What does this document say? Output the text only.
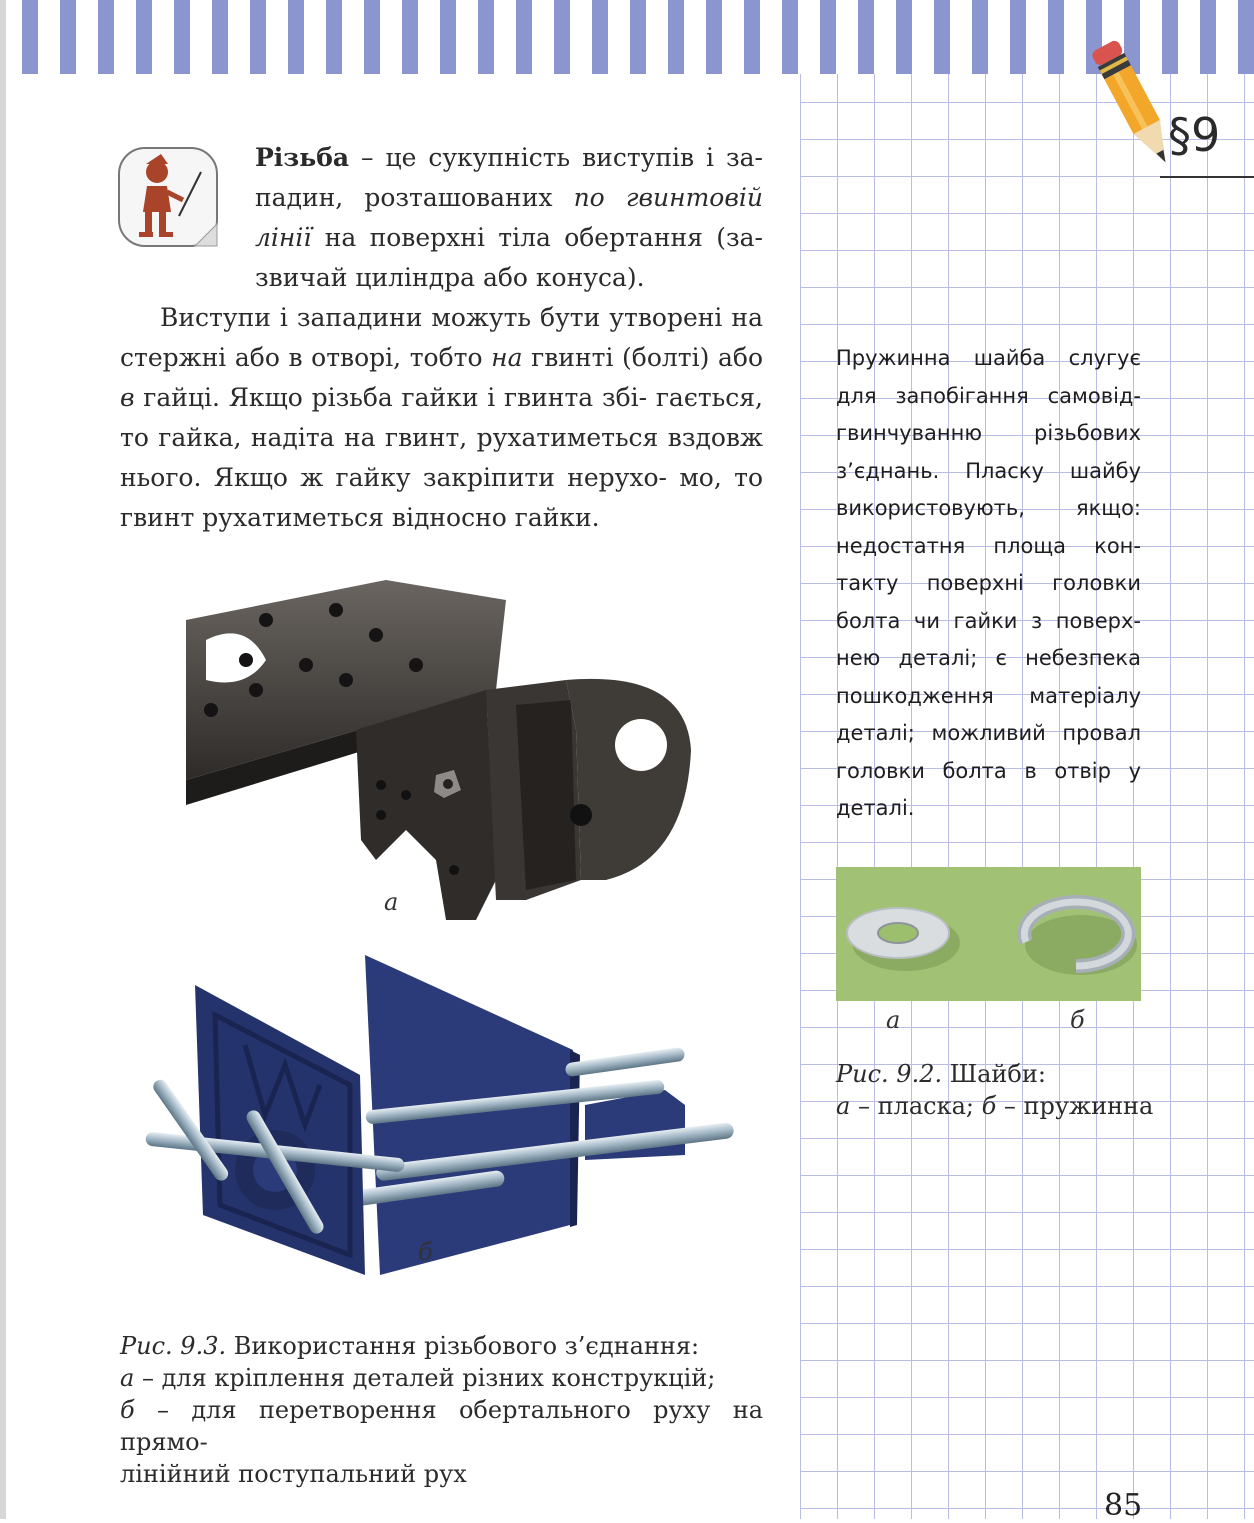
§9

Різьба – це сукупність виступів і за- падин, розташованих по гвинтовій лінії на поверхні тіла обертання (за- звичай циліндра або конуса).

Виступи і западини можуть бути утворені на стержні або в отворі, тобто на гвинті (болті) або в гайці. Якщо різьба гайки і гвинта збі- гається, то гайка, надіта на гвинт, рухатиметься вздовж нього. Якщо ж гайку закріпити нерухо- мо, то гвинт рухатиметься відносно гайки.

Пружинна шайба слугує для запобігання самовід- гвинчуванню різьбових з’єднань. Пласку шайбу використовують, якщо: недостатня площа кон- такту поверхні головки болта чи гайки з поверх- нею деталі; є небезпека пошкодження матеріалу деталі; можливий провал головки болта в отвір у деталі.
а
б
а	б
Рис. 9.2. Шайби:
а – пласка; б – пружинна
Рис. 9.3. Використання різьбового з’єднання:
а – для кріплення деталей різних конструкцій;
б – для перетворення обертального руху на прямо-
лінійний поступальний рух
85
